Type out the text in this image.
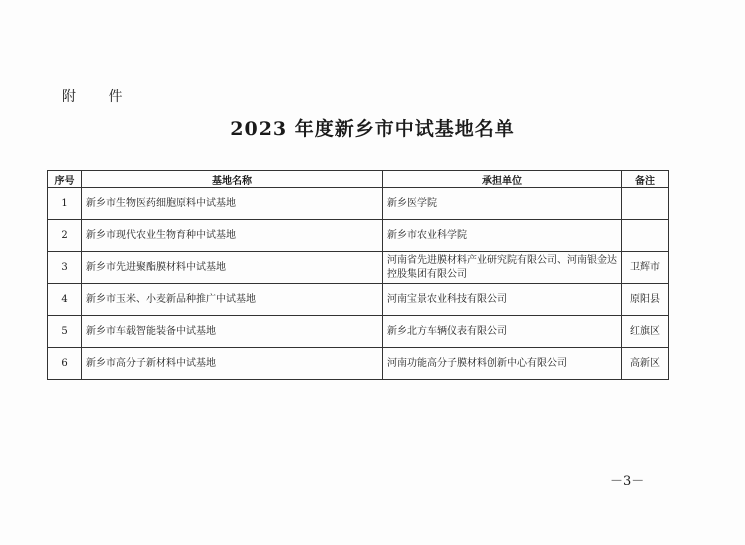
附 件
2023 年度新乡市中试基地名单
序号	基地名称	承担单位	备注
1	新乡市生物医药细胞原料中试基地	新乡医学院	
2	新乡市现代农业生物育种中试基地	新乡市农业科学院	
3	新乡市先进聚酯膜材料中试基地	河南省先进膜材料产业研究院有限公司、河南银金达控股集团有限公司	卫辉市
4	新乡市玉米、小麦新品种推广中试基地	河南宝景农业科技有限公司	原阳县
5	新乡市车载智能装备中试基地	新乡北方车辆仪表有限公司	红旗区
6	新乡市高分子新材料中试基地	河南功能高分子膜材料创新中心有限公司	高新区
－3－
